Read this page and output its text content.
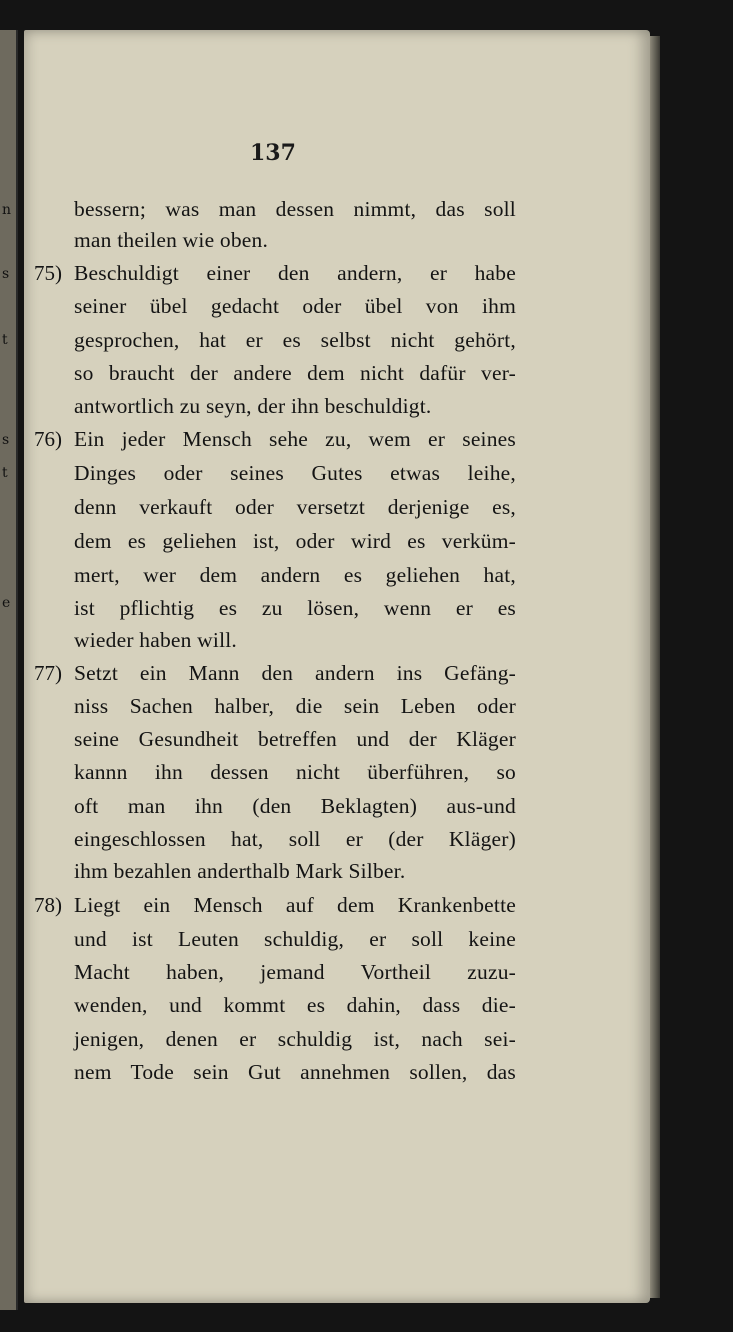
n
s
t
s
t
e
137
bessern; was man dessen nimmt, das soll
man theilen wie oben.
75) Beschuldigt einer den andern, er habe
seiner übel gedacht oder übel von ihm
gesprochen, hat er es selbst nicht gehört,
so braucht der andere dem nicht dafür ver-
antwortlich zu seyn, der ihn beschuldigt.
76) Ein jeder Mensch sehe zu, wem er seines
Dinges oder seines Gutes etwas leihe,
denn verkauft oder versetzt derjenige es,
dem es geliehen ist, oder wird es verküm-
mert, wer dem andern es geliehen hat,
ist pflichtig es zu lösen, wenn er es
wieder haben will.
77) Setzt ein Mann den andern ins Gefäng-
niss Sachen halber, die sein Leben oder
seine Gesundheit betreffen und der Kläger
kannn ihn dessen nicht überführen, so
oft man ihn (den Beklagten) aus-und
eingeschlossen hat, soll er (der Kläger)
ihm bezahlen anderthalb Mark Silber.
78) Liegt ein Mensch auf dem Krankenbette
und ist Leuten schuldig, er soll keine
Macht haben, jemand Vortheil zuzu-
wenden, und kommt es dahin, dass die-
jenigen, denen er schuldig ist, nach sei-
nem Tode sein Gut annehmen sollen, das
